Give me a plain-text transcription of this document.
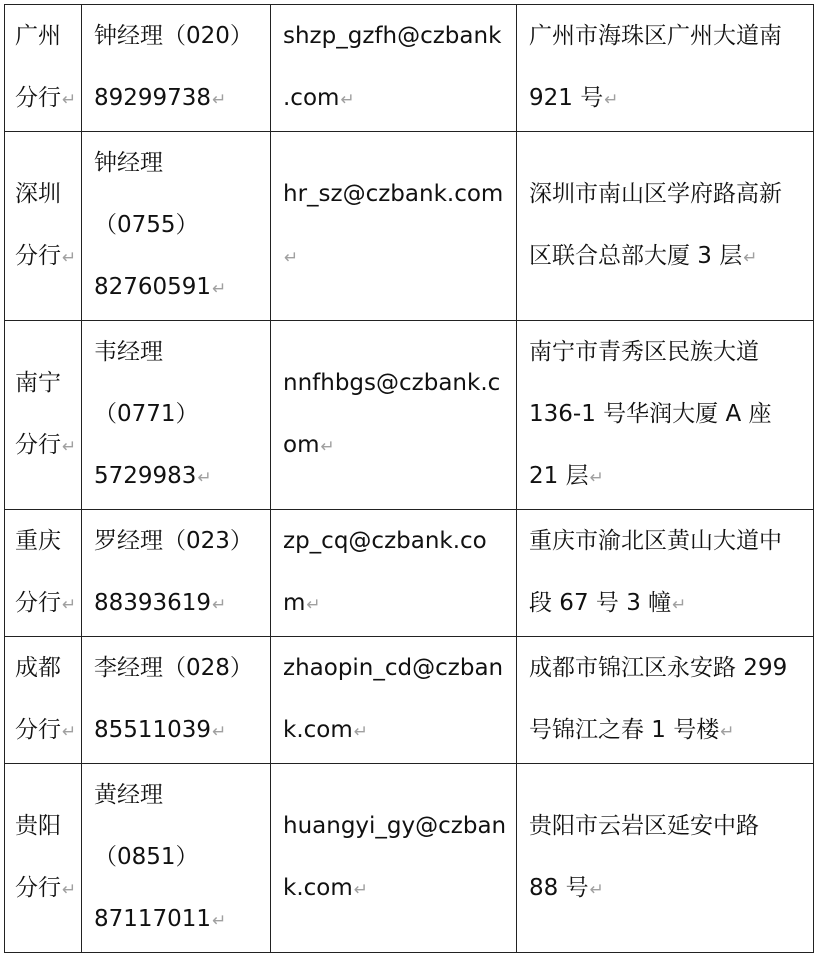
广州
分行↵	钟经理（020）
89299738↵	shzp_gzfh@czbank
.com↵	广州市海珠区广州大道南
921 号↵
深圳
分行↵	钟经理
（0755）
82760591↵	hr_sz@czbank.com↵	深圳市南山区学府路高新
区联合总部大厦 3 层↵
南宁
分行↵	韦经理
（0771）
5729983↵	nnfhbgs@czbank.c
om↵	南宁市青秀区民族大道
136-1 号华润大厦 A 座
21 层↵
重庆
分行↵	罗经理（023）
88393619↵	zp_cq@czbank.co
m↵	重庆市渝北区黄山大道中
段 67 号 3 幢↵
成都
分行↵	李经理（028）
85511039↵	zhaopin_cd@czban
k.com↵	成都市锦江区永安路 299
号锦江之春 1 号楼↵
贵阳
分行↵	黄经理
（0851）
87117011↵	huangyi_gy@czban
k.com↵	贵阳市云岩区延安中路
88 号↵
